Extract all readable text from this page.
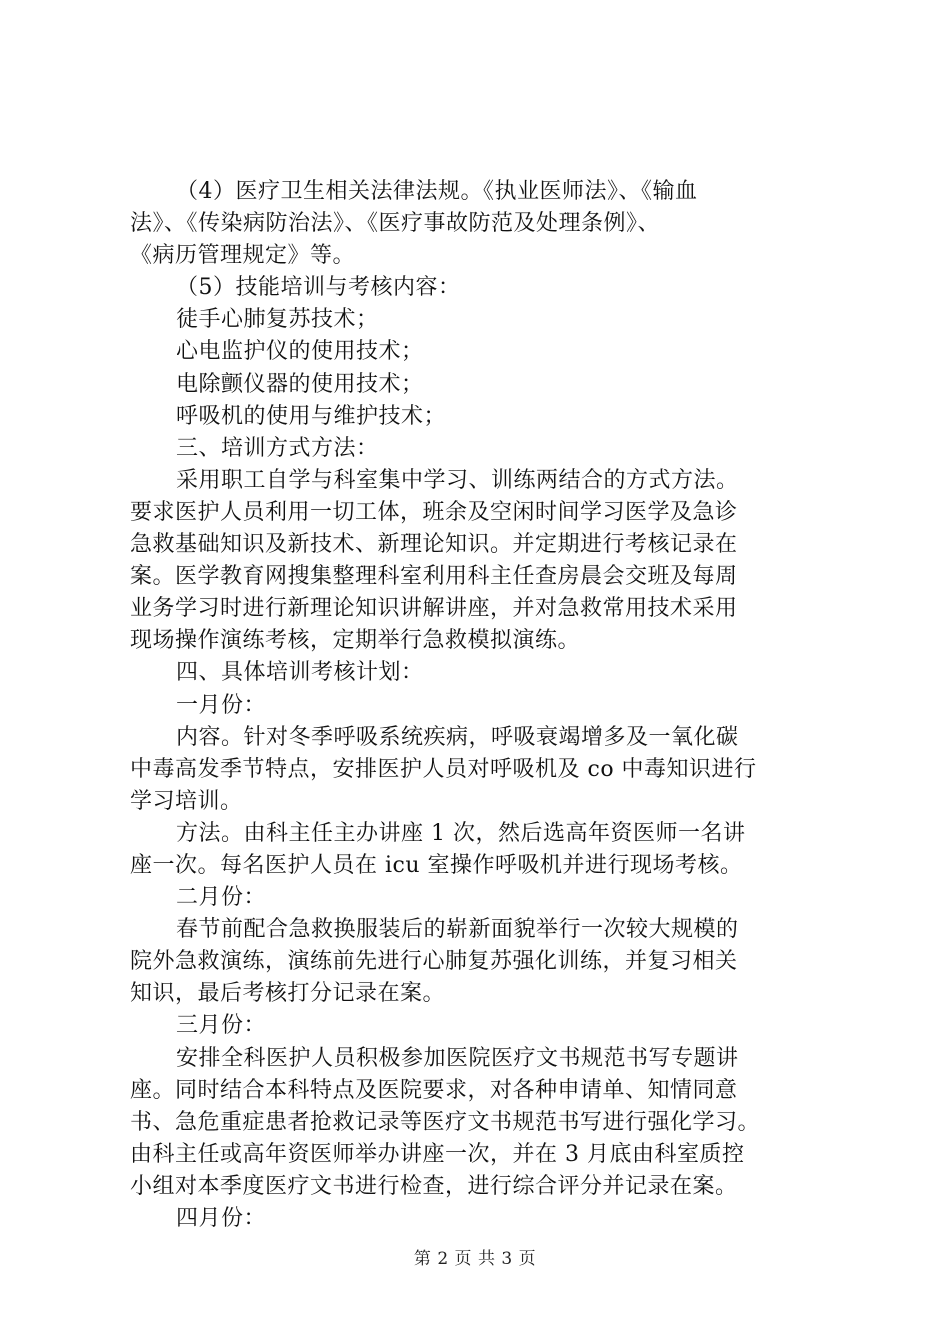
（4）医疗卫生相关法律法规。《执业医师法》、《输血
法》、《传染病防治法》、《医疗事故防范及处理条例》、
《病历管理规定》等。
（5）技能培训与考核内容：
徒手心肺复苏技术；
心电监护仪的使用技术；
电除颤仪器的使用技术；
呼吸机的使用与维护技术；
三、培训方式方法：
采用职工自学与科室集中学习、训练两结合的方式方法。
要求医护人员利用一切工体，班余及空闲时间学习医学及急诊
急救基础知识及新技术、新理论知识。并定期进行考核记录在
案。医学教育网搜集整理科室利用科主任查房晨会交班及每周
业务学习时进行新理论知识讲解讲座，并对急救常用技术采用
现场操作演练考核，定期举行急救模拟演练。
四、具体培训考核计划：
一月份：
内容。针对冬季呼吸系统疾病，呼吸衰竭增多及一氧化碳
中毒高发季节特点，安排医护人员对呼吸机及 co 中毒知识进行
学习培训。
方法。由科主任主办讲座 1 次，然后选高年资医师一名讲
座一次。每名医护人员在 icu 室操作呼吸机并进行现场考核。
二月份：
春节前配合急救换服装后的崭新面貌举行一次较大规模的
院外急救演练，演练前先进行心肺复苏强化训练，并复习相关
知识，最后考核打分记录在案。
三月份：
安排全科医护人员积极参加医院医疗文书规范书写专题讲
座。同时结合本科特点及医院要求，对各种申请单、知情同意
书、急危重症患者抢救记录等医疗文书规范书写进行强化学习。
由科主任或高年资医师举办讲座一次，并在 3 月底由科室质控
小组对本季度医疗文书进行检查，进行综合评分并记录在案。
四月份：
第 2 页 共 3 页
